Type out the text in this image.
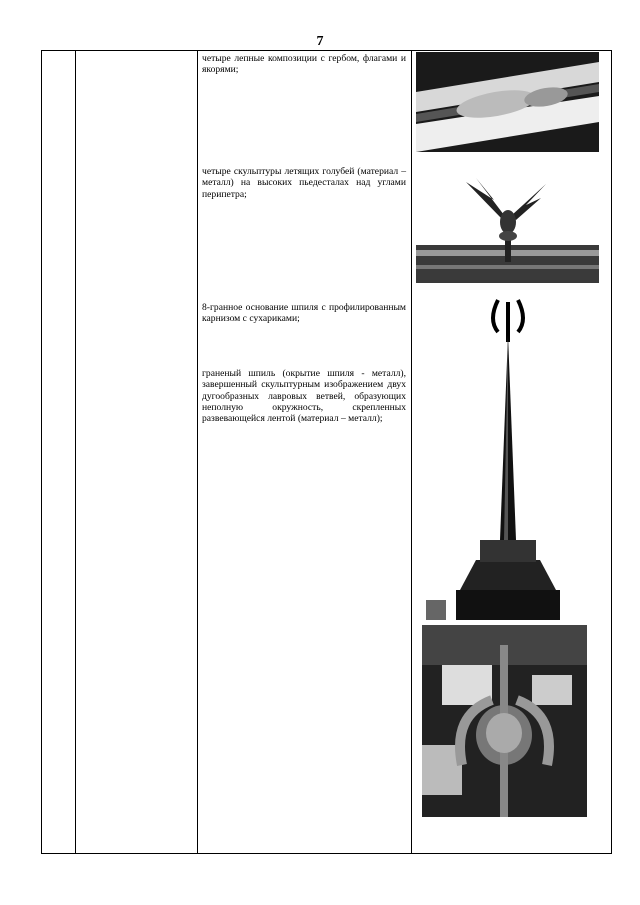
7
четыре лепные композиции с гербом, флагами и якорями;
четыре скульптуры летящих голубей (материал – металл) на высоких пьедесталах над углами перипетра;
8-гранное основание шпиля с профилированным карнизом с сухариками;
граненый шпиль (окрытие шпиля - металл), завершенный скульптурным изображением двух дугообразных лавровых ветвей, образующих неполную окружность, скрепленных развевающейся лентой (материал – металл);
